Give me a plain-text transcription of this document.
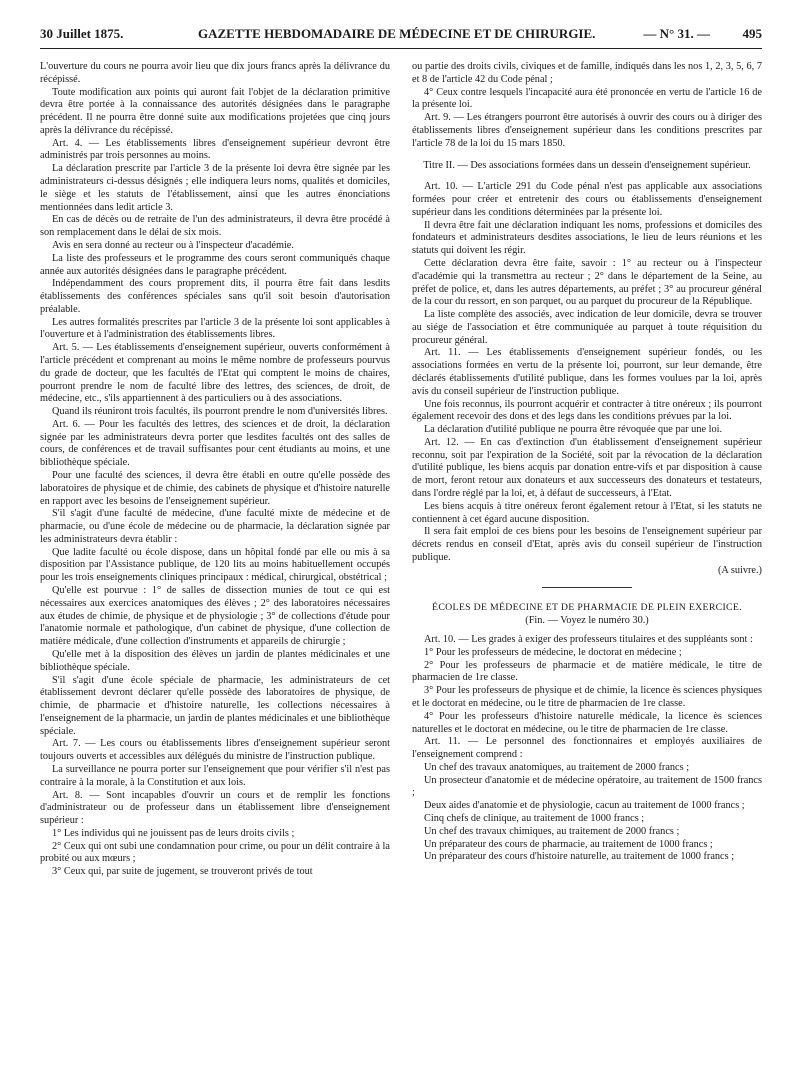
30 Juillet 1875.	GAZETTE HEBDOMADAIRE DE MÉDECINE ET DE CHIRURGIE.	— N° 31. —	495

L'ouverture du cours ne pourra avoir lieu que dix jours francs après la délivrance du récépissé.

Toute modification aux points qui auront fait l'objet de la déclaration primitive devra être portée à la connaissance des autorités désignées dans le paragraphe précédent. Il ne pourra être donné suite aux modifications projetées que cinq jours après la délivrance du récépissé.

Art. 4. — Les établissements libres d'enseignement supérieur devront être administrés par trois personnes au moins.

La déclaration prescrite par l'article 3 de la présente loi devra être signée par les administrateurs ci-dessus désignés ; elle indiquera leurs noms, qualités et domiciles, le siège et les statuts de l'établissement, ainsi que les autres énonciations mentionnées dans ledit article 3.

En cas de décès ou de retraite de l'un des administrateurs, il devra être procédé à son remplacement dans le délai de six mois.

Avis en sera donné au recteur ou à l'inspecteur d'académie.

La liste des professeurs et le programme des cours seront communiqués chaque année aux autorités désignées dans le paragraphe précédent.

Indépendamment des cours proprement dits, il pourra être fait dans lesdits établissements des conférences spéciales sans qu'il soit besoin d'autorisation préalable.

Les autres formalités prescrites par l'article 3 de la présente loi sont applicables à l'ouverture et à l'administration des établissements libres.

Art. 5. — Les établissements d'enseignement supérieur, ouverts conformément à l'article précédent et comprenant au moins le même nombre de professeurs pourvus du grade de docteur, que les facultés de l'Etat qui comptent le moins de chaires, pourront prendre le nom de faculté libre des lettres, des sciences, de droit, de médecine, etc., s'ils appartiennent à des particuliers ou à des associations.

Quand ils réuniront trois facultés, ils pourront prendre le nom d'universités libres.

Art. 6. — Pour les facultés des lettres, des sciences et de droit, la déclaration signée par les administrateurs devra porter que lesdites facultés ont des salles de cours, de conférences et de travail suffisantes pour cent étudiants au moins, et une bibliothèque spéciale.

Pour une faculté des sciences, il devra être établi en outre qu'elle possède des laboratoires de physique et de chimie, des cabinets de physique et d'histoire naturelle en rapport avec les besoins de l'enseignement supérieur.

S'il s'agit d'une faculté de médecine, d'une faculté mixte de médecine et de pharmacie, ou d'une école de médecine ou de pharmacie, la déclaration signée par les administrateurs devra établir :

Que ladite faculté ou école dispose, dans un hôpital fondé par elle ou mis à sa disposition par l'Assistance publique, de 120 lits au moins habituellement occupés pour les trois enseignements cliniques principaux : médical, chirurgical, obstétrical ;

Qu'elle est pourvue : 1° de salles de dissection munies de tout ce qui est nécessaires aux exercices anatomiques des élèves ; 2° des laboratoires nécessaires aux études de chimie, de physique et de physiologie ; 3° de collections d'étude pour l'anatomie normale et pathologique, d'un cabinet de physique, d'une collection de matière médicale, d'une collection d'instruments et appareils de chirurgie ;

Qu'elle met à la disposition des élèves un jardin de plantes médicinales et une bibliothèque spéciale.

S'il s'agit d'une école spéciale de pharmacie, les administrateurs de cet établissement devront déclarer qu'elle possède des laboratoires de physique, de chimie, de pharmacie et d'histoire naturelle, les collections nécessaires à l'enseignement de la pharmacie, un jardin de plantes médicinales et une bibliothèque spéciale.

Art. 7. — Les cours ou établissements libres d'enseignement supérieur seront toujours ouverts et accessibles aux délégués du ministre de l'instruction publique.

La surveillance ne pourra porter sur l'enseignement que pour vérifier s'il n'est pas contraire à la morale, à la Constitution et aux lois.

Art. 8. — Sont incapables d'ouvrir un cours et de remplir les fonctions d'administrateur ou de professeur dans un établissement libre d'enseignement supérieur :

1° Les individus qui ne jouissent pas de leurs droits civils ;

2° Ceux qui ont subi une condamnation pour crime, ou pour un délit contraire à la probité ou aux mœurs ;

3° Ceux qui, par suite de jugement, se trouveront privés de tout

ou partie des droits civils, civiques et de famille, indiqués dans les nos 1, 2, 3, 5, 6, 7 et 8 de l'article 42 du Code pénal ;

4° Ceux contre lesquels l'incapacité aura été prononcée en vertu de l'article 16 de la présente loi.

Art. 9. — Les étrangers pourront être autorisés à ouvrir des cours ou à diriger des établissements libres d'enseignement supérieur dans les conditions prescrites par l'article 78 de la loi du 15 mars 1850.

Titre II. — Des associations formées dans un dessein d'enseignement supérieur.

Art. 10. — L'article 291 du Code pénal n'est pas applicable aux associations formées pour créer et entretenir des cours ou établissements d'enseignement supérieur dans les conditions déterminées par la présente loi.

Il devra être fait une déclaration indiquant les noms, professions et domiciles des fondateurs et administrateurs desdites associations, le lieu de leurs réunions et les statuts qui doivent les régir.

Cette déclaration devra être faite, savoir : 1° au recteur ou à l'inspecteur d'académie qui la transmettra au recteur ; 2° dans le département de la Seine, au préfet de police, et, dans les autres départements, au préfet ; 3° au procureur général de la cour du ressort, en son parquet, ou au parquet du procureur de la République.

La liste complète des associés, avec indication de leur domicile, devra se trouver au siége de l'association et être communiquée au parquet à toute réquisition du procureur général.

Art. 11. — Les établissements d'enseignement supérieur fondés, ou les associations formées en vertu de la présente loi, pourront, sur leur demande, être déclarés établissements d'utilité publique, dans les formes voulues par la loi, après avis du conseil supérieur de l'instruction publique.

Une fois reconnus, ils pourront acquérir et contracter à titre onéreux ; ils pourront également recevoir des dons et des legs dans les conditions prévues par la loi.

La déclaration d'utilité publique ne pourra être révoquée que par une loi.

Art. 12. — En cas d'extinction d'un établissement d'enseignement supérieur reconnu, soit par l'expiration de la Société, soit par la révocation de la déclaration d'utilité publique, les biens acquis par donation entre-vifs et par disposition à cause de mort, feront retour aux donateurs et aux successeurs des donateurs et testateurs, dans l'ordre réglé par la loi, et, à défaut de successeurs, à l'Etat.

Les biens acquis à titre onéreux feront également retour à l'Etat, si les statuts ne contiennent à cet égard aucune disposition.

Il sera fait emploi de ces biens pour les besoins de l'enseignement supérieur par décrets rendus en conseil d'Etat, après avis du conseil supérieur de l'instruction publique.

(A suivre.)

ÉCOLES DE MÉDECINE ET DE PHARMACIE DE PLEIN EXERCICE.

(Fin. — Voyez le numéro 30.)

Art. 10. — Les grades à exiger des professeurs titulaires et des suppléants sont :

1° Pour les professeurs de médecine, le doctorat en médecine ;

2° Pour les professeurs de pharmacie et de matière médicale, le titre de pharmacien de 1re classe.

3° Pour les professeurs de physique et de chimie, la licence ès sciences physiques et le doctorat en médecine, ou le titre de pharmacien de 1re classe.

4° Pour les professeurs d'histoire naturelle médicale, la licence ès sciences naturelles et le doctorat en médecine, ou le titre de pharmacien de 1re classe.

Art. 11. — Le personnel des fonctionnaires et employés auxiliaires de l'enseignement comprend :

Un chef des travaux anatomiques, au traitement de 2000 francs ;

Un prosecteur d'anatomie et de médecine opératoire, au traitement de 1500 francs ;

Deux aides d'anatomie et de physiologie, cacun au traitement de 1000 francs ;

Cinq chefs de clinique, au traitement de 1000 francs ;

Un chef des travaux chimiques, au traitement de 2000 francs ;

Un préparateur des cours de pharmacie, au traitement de 1000 francs ;

Un préparateur des cours d'histoire naturelle, au traitement de 1000 francs ;
